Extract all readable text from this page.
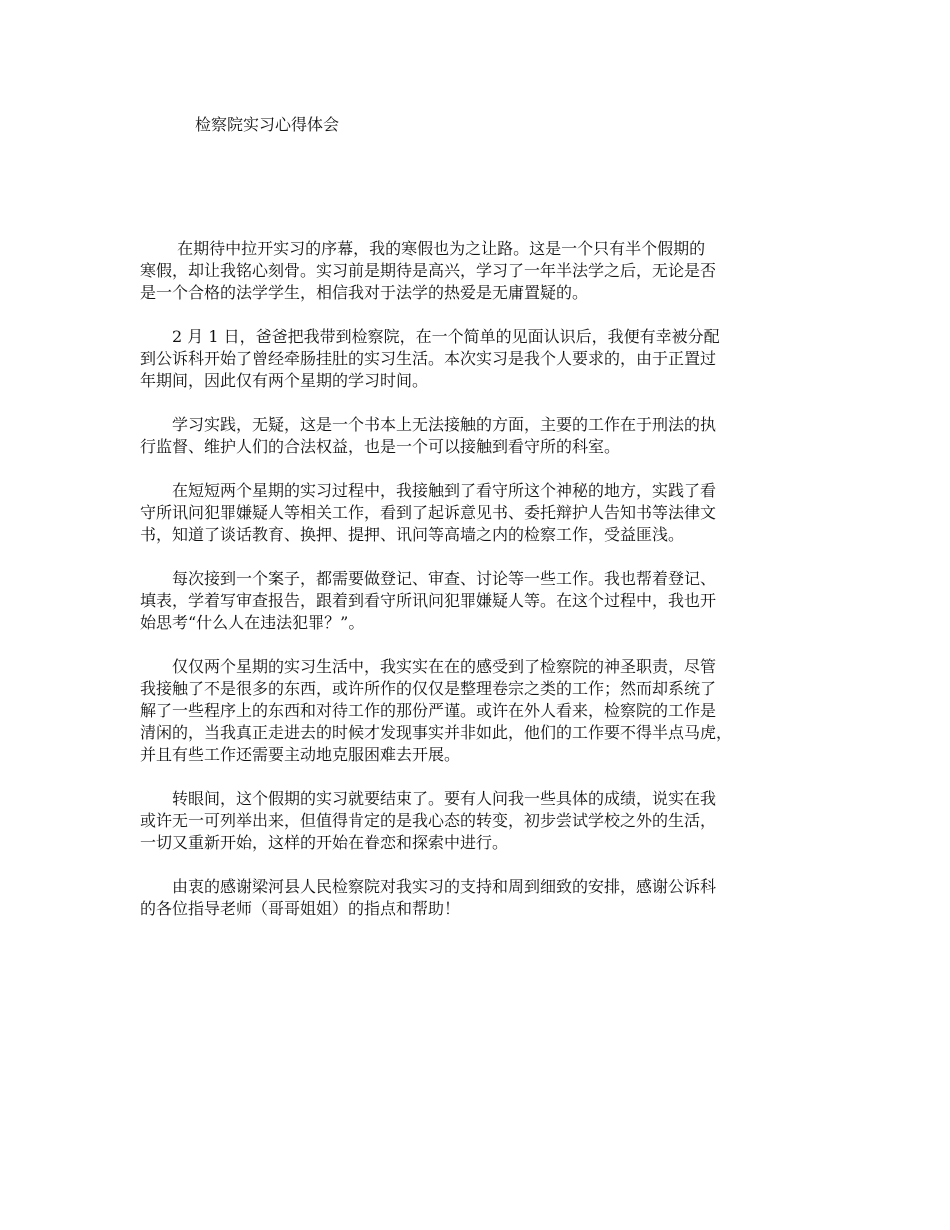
检察院实习心得体会

　　 在期待中拉开实习的序幕，我的寒假也为之让路。这是一个只有半个假期的
寒假，却让我铭心刻骨。实习前是期待是高兴，学习了一年半法学之后，无论是否
是一个合格的法学学生，相信我对于法学的热爱是无庸置疑的。

　　2 月 1 日，爸爸把我带到检察院，在一个简单的见面认识后，我便有幸被分配
到公诉科开始了曾经牵肠挂肚的实习生活。本次实习是我个人要求的，由于正置过
年期间，因此仅有两个星期的学习时间。

　　学习实践，无疑，这是一个书本上无法接触的方面，主要的工作在于刑法的执
行监督、维护人们的合法权益，也是一个可以接触到看守所的科室。

　　在短短两个星期的实习过程中，我接触到了看守所这个神秘的地方，实践了看
守所讯问犯罪嫌疑人等相关工作，看到了起诉意见书、委托辩护人告知书等法律文
书，知道了谈话教育、换押、提押、讯问等高墙之内的检察工作，受益匪浅。

　　每次接到一个案子，都需要做登记、审查、讨论等一些工作。我也帮着登记、
填表，学着写审查报告，跟着到看守所讯问犯罪嫌疑人等。在这个过程中，我也开
始思考“什么人在违法犯罪？”。

　　仅仅两个星期的实习生活中，我实实在在的感受到了检察院的神圣职责，尽管
我接触了不是很多的东西，或许所作的仅仅是整理卷宗之类的工作；然而却系统了
解了一些程序上的东西和对待工作的那份严谨。或许在外人看来，检察院的工作是
清闲的，当我真正走进去的时候才发现事实并非如此，他们的工作要不得半点马虎，
并且有些工作还需要主动地克服困难去开展。

　　转眼间，这个假期的实习就要结束了。要有人问我一些具体的成绩，说实在我
或许无一可列举出来，但值得肯定的是我心态的转变，初步尝试学校之外的生活，
一切又重新开始，这样的开始在眷恋和探索中进行。

　　由衷的感谢梁河县人民检察院对我实习的支持和周到细致的安排，感谢公诉科
的各位指导老师（哥哥姐姐）的指点和帮助！
